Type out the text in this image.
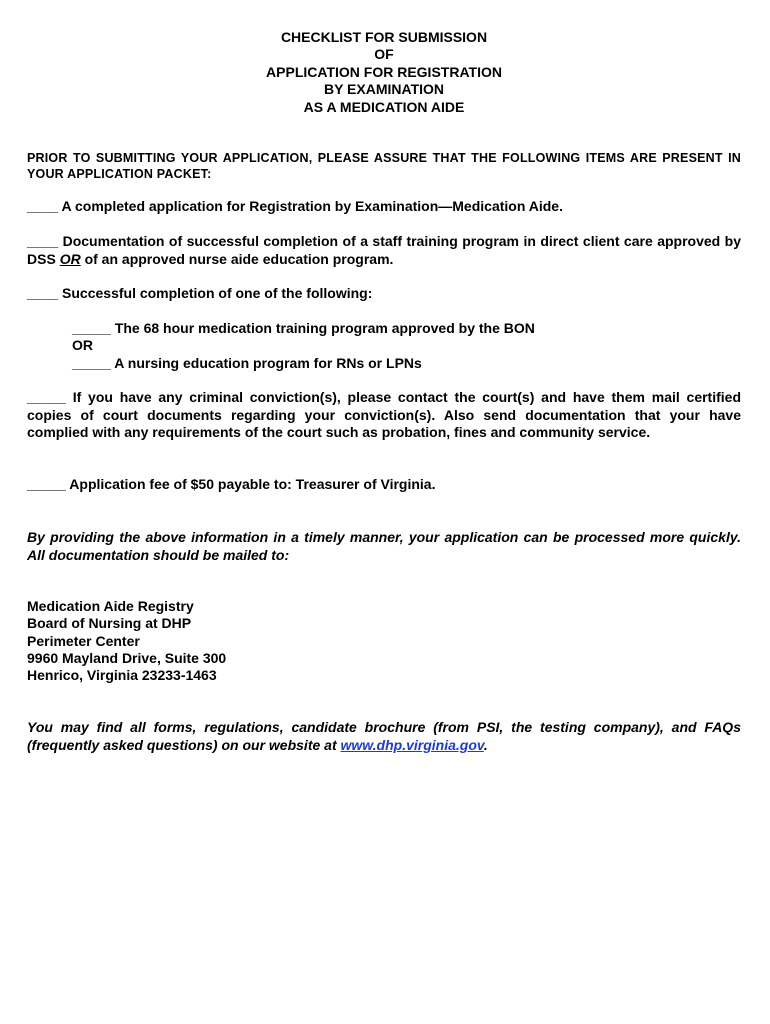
CHECKLIST FOR SUBMISSION
OF
APPLICATION FOR REGISTRATION
BY EXAMINATION
AS A MEDICATION AIDE
PRIOR TO SUBMITTING YOUR APPLICATION, PLEASE ASSURE THAT THE FOLLOWING ITEMS ARE PRESENT IN YOUR APPLICATION PACKET:
____ A completed application for Registration by Examination—Medication Aide.
____ Documentation of successful completion of a staff training program in direct client care approved by DSS OR of an approved nurse aide education program.
____ Successful completion of one of the following:
_____ The 68 hour medication training program approved by the BON
OR
_____ A nursing education program for RNs or LPNs
_____ If you have any criminal conviction(s), please contact the court(s) and have them mail certified copies of court documents regarding your conviction(s). Also send documentation that your have complied with any requirements of the court such as probation, fines and community service.
_____ Application fee of $50 payable to: Treasurer of Virginia.
By providing the above information in a timely manner, your application can be processed more quickly. All documentation should be mailed to:
Medication Aide Registry
Board of Nursing at DHP
Perimeter Center
9960 Mayland Drive, Suite 300
Henrico, Virginia 23233-1463
You may find all forms, regulations, candidate brochure (from PSI, the testing company), and FAQs (frequently asked questions) on our website at www.dhp.virginia.gov.
